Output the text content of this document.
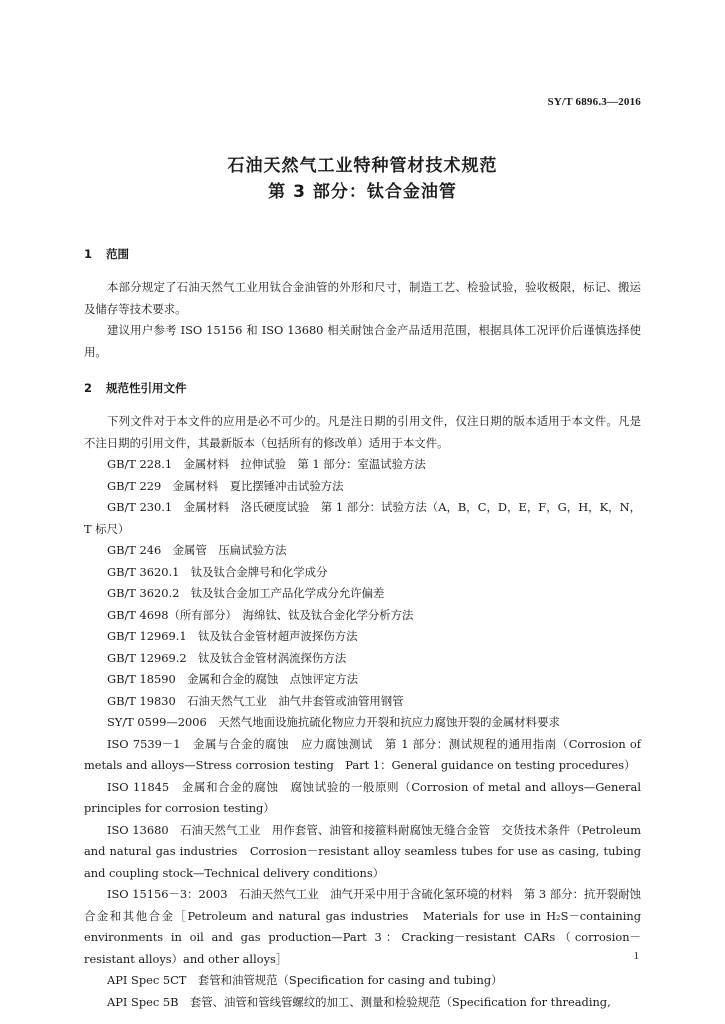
SY/T 6896.3—2016
石油天然气工业特种管材技术规范
第 3 部分：钛合金油管
1 范围

本部分规定了石油天然气工业用钛合金油管的外形和尺寸，制造工艺、检验试验，验收极限，标记、搬运及储存等技术要求。

建议用户参考 ISO 15156 和 ISO 13680 相关耐蚀合金产品适用范围，根据具体工况评价后谨慎选择使用。

2 规范性引用文件

下列文件对于本文件的应用是必不可少的。凡是注日期的引用文件，仅注日期的版本适用于本文件。凡是不注日期的引用文件，其最新版本（包括所有的修改单）适用于本文件。

GB/T 228.1　金属材料　拉伸试验　第 1 部分：室温试验方法

GB/T 229　金属材料　夏比摆锤冲击试验方法

GB/T 230.1　金属材料　洛氏硬度试验　第 1 部分：试验方法（A，B，C，D，E，F，G，H，K，N，T 标尺）

GB/T 246　金属管　压扁试验方法

GB/T 3620.1　钛及钛合金牌号和化学成分

GB/T 3620.2　钛及钛合金加工产品化学成分允许偏差

GB/T 4698（所有部分）　海绵钛、钛及钛合金化学分析方法

GB/T 12969.1　钛及钛合金管材超声波探伤方法

GB/T 12969.2　钛及钛合金管材涡流探伤方法

GB/T 18590　金属和合金的腐蚀　点蚀评定方法

GB/T 19830　石油天然气工业　油气井套管或油管用钢管

SY/T 0599—2006　天然气地面设施抗硫化物应力开裂和抗应力腐蚀开裂的金属材料要求

ISO 7539－1　金属与合金的腐蚀　应力腐蚀测试　第 1 部分：测试规程的通用指南（Corrosion of metals and alloys—Stress corrosion testing　Part 1：General guidance on testing procedures）

ISO 11845　金属和合金的腐蚀　腐蚀试验的一般原则（Corrosion of metal and alloys—General principles for corrosion testing）

ISO 13680　石油天然气工业　用作套管、油管和接箍料耐腐蚀无缝合金管　交货技术条件（Petroleum and natural gas industries　Corrosion－resistant alloy seamless tubes for use as casing, tubing and coupling stock—Technical delivery conditions）

ISO 15156－3：2003　石油天然气工业　油气开采中用于含硫化氢环境的材料　第 3 部分：抗开裂耐蚀合金和其他合金［Petroleum and natural gas industries　Materials for use in H₂S－containing environments in oil and gas production—Part 3：Cracking－resistant CARs（corrosion－resistant alloys）and other alloys］

API Spec 5CT　套管和油管规范（Specification for casing and tubing）

API Spec 5B　套管、油管和管线管螺纹的加工、测量和检验规范（Specification for threading,

1
